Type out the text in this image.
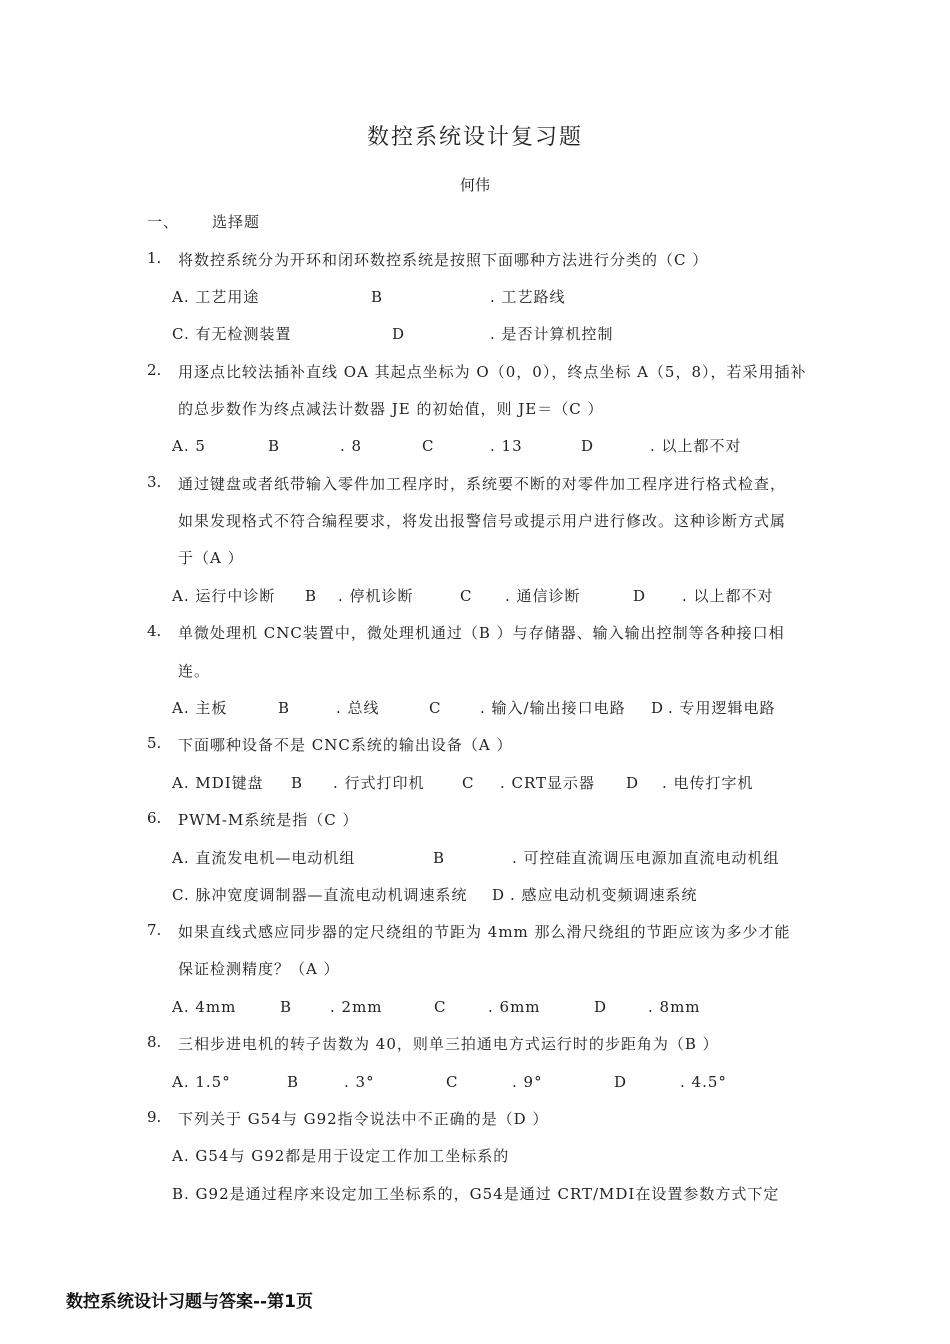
数控系统设计复习题
何伟
一、 选择题
1. 将数控系统分为开环和闭环数控系统是按照下面哪种方法进行分类的（C ）
A. 工艺用途	B	. 工艺路线
C. 有无检测装置	D	. 是否计算机控制
2. 用逐点比较法插补直线 OA 其起点坐标为 O（0，0），终点坐标 A（5，8），若采用插补
的总步数作为终点减法计数器 JE 的初始值，则 JE＝（C ）
A. 5	B	. 8	C	. 13	D	. 以上都不对
3. 通过键盘或者纸带输入零件加工程序时，系统要不断的对零件加工程序进行格式检查，
如果发现格式不符合编程要求，将发出报警信号或提示用户进行修改。这种诊断方式属
于（A ）
A. 运行中诊断 B . 停机诊断	C . 通信诊断	D . 以上都不对
4. 单微处理机 CNC装置中，微处理机通过（B ）与存储器、输入输出控制等各种接口相
连。
A. 主板	B	. 总线	C	. 输入/输出接口电路 D . 专用逻辑电路
5. 下面哪种设备不是 CNC系统的输出设备（A ）
A. MDI键盘 B . 行式打印机 C . CRT显示器 D . 电传打字机
6. PWM-M系统是指（C ）
A. 直流发电机—电动机组	B	. 可控硅直流调压电源加直流电动机组
C. 脉冲宽度调制器—直流电动机调速系统 D . 感应电动机变频调速系统
7. 如果直线式感应同步器的定尺绕组的节距为 4mm 那么滑尺绕组的节距应该为多少才能
保证检测精度？（A ）
A. 4mm	B	. 2mm	C	. 6mm	D	. 8mm
8. 三相步进电机的转子齿数为 40，则单三拍通电方式运行时的步距角为（B ）
A. 1.5°	B	. 3°	C	. 9°	D	. 4.5°
9. 下列关于 G54与 G92指令说法中不正确的是（D ）
A. G54与 G92都是用于设定工作加工坐标系的
B. G92是通过程序来设定加工坐标系的，G54是通过 CRT/MDI在设置参数方式下定
数控系统设计习题与答案--第1页
